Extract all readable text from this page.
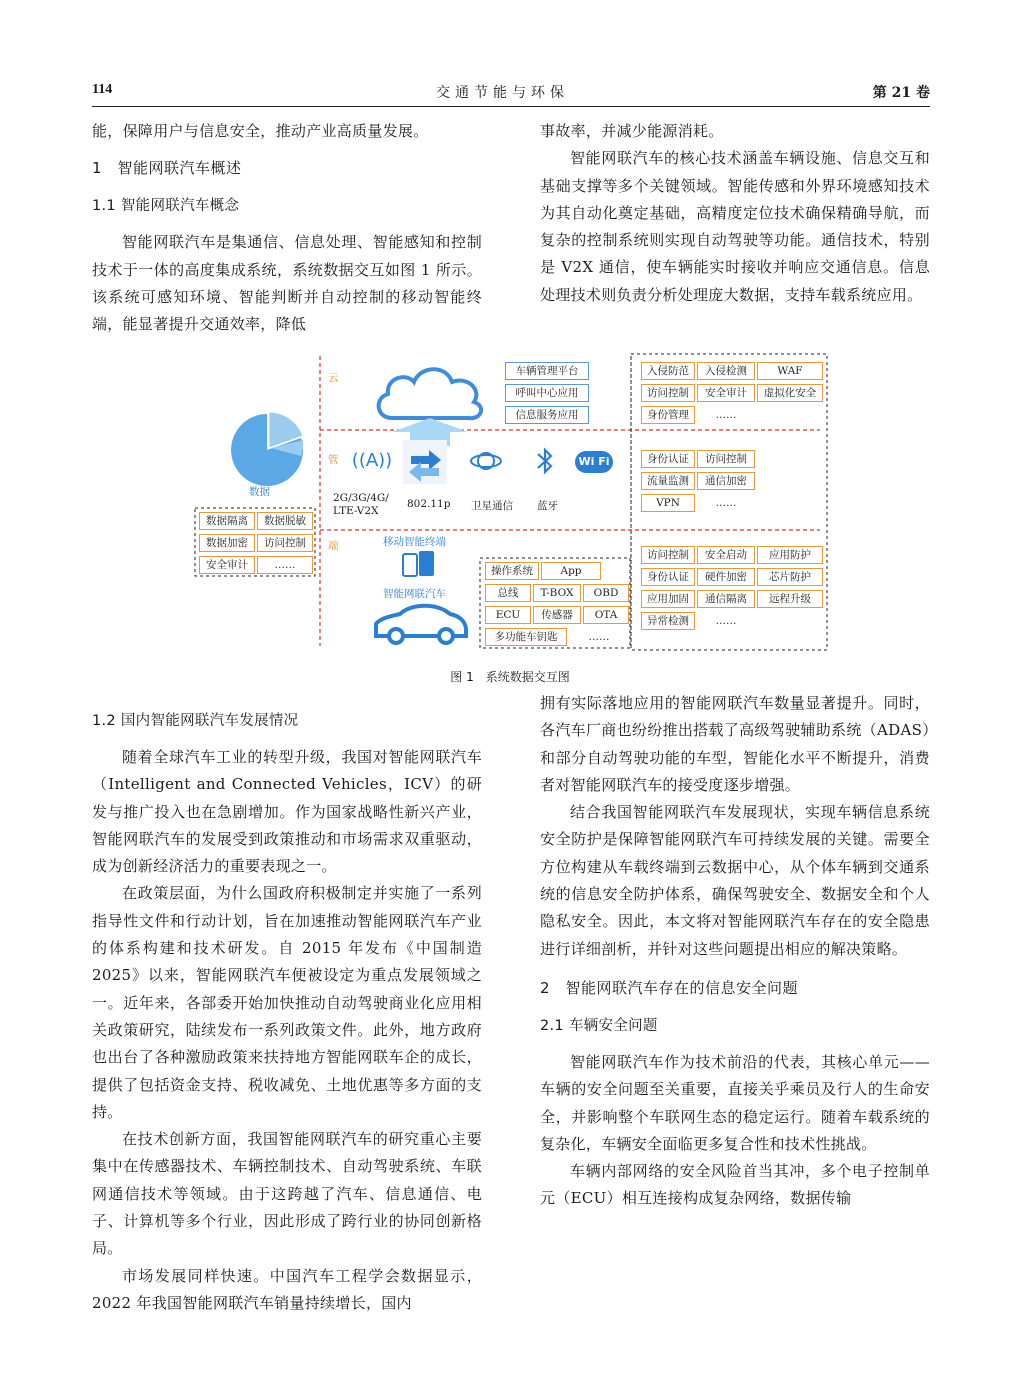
114	交通节能与环保	第 21 卷

能，保障用户与信息安全，推动产业高质量发展。

1　智能网联汽车概述
1.1 智能网联汽车概念

智能网联汽车是集通信、信息处理、智能感知和控制技术于一体的高度集成系统，系统数据交互如图 1 所示。该系统可感知环境、智能判断并自动控制的移动智能终端，能显著提升交通效率，降低

事故率，并减少能源消耗。

智能网联汽车的核心技术涵盖车辆设施、信息交互和基础支撑等多个关键领域。智能传感和外界环境感知技术为其自动化奠定基础，高精度定位技术确保精确导航，而复杂的控制系统则实现自动驾驶等功能。通信技术，特别是 V2X 通信，使车辆能实时接收并响应交通信息。信息处理技术则负责分析处理庞大数据，支持车载系统应用。

数据
云
管
端
车辆管理平台
呼叫中心应用
信息服务应用
((A))	Wi Fi
2G/3G/4G/
LTE-V2X
802.11p 卫星通信 蓝牙
移动智能终端
智能网联汽车
操作系统	App
总线	T-BOX	OBD
ECU	传感器	OTA
多功能车钥匙	……
数据隔离	数据脱敏
数据加密	访问控制
安全审计	……
入侵防范	入侵检测	WAF
访问控制	安全审计	虚拟化安全
身份管理	……
身份认证	访问控制
流量监测	通信加密
VPN	……
访问控制	安全启动	应用防护
身份认证	硬件加密	芯片防护
应用加固	通信隔离	远程升级
异常检测	……
图 1 系统数据交互图
1.2 国内智能网联汽车发展情况

随着全球汽车工业的转型升级，我国对智能网联汽车（Intelligent and Connected Vehicles，ICV）的研发与推广投入也在急剧增加。作为国家战略性新兴产业，智能网联汽车的发展受到政策推动和市场需求双重驱动，成为创新经济活力的重要表现之一。

在政策层面，为什么国政府积极制定并实施了一系列指导性文件和行动计划，旨在加速推动智能网联汽车产业的体系构建和技术研发。自 2015 年发布《中国制造 2025》以来，智能网联汽车便被设定为重点发展领域之一。近年来，各部委开始加快推动自动驾驶商业化应用相关政策研究，陆续发布一系列政策文件。此外，地方政府也出台了各种激励政策来扶持地方智能网联车企的成长，提供了包括资金支持、税收减免、土地优惠等多方面的支持。

在技术创新方面，我国智能网联汽车的研究重心主要集中在传感器技术、车辆控制技术、自动驾驶系统、车联网通信技术等领域。由于这跨越了汽车、信息通信、电子、计算机等多个行业，因此形成了跨行业的协同创新格局。

市场发展同样快速。中国汽车工程学会数据显示，2022 年我国智能网联汽车销量持续增长，国内

拥有实际落地应用的智能网联汽车数量显著提升。同时，各汽车厂商也纷纷推出搭载了高级驾驶辅助系统（ADAS）和部分自动驾驶功能的车型，智能化水平不断提升，消费者对智能网联汽车的接受度逐步增强。

结合我国智能网联汽车发展现状，实现车辆信息系统安全防护是保障智能网联汽车可持续发展的关键。需要全方位构建从车载终端到云数据中心，从个体车辆到交通系统的信息安全防护体系，确保驾驶安全、数据安全和个人隐私安全。因此，本文将对智能网联汽车存在的安全隐患进行详细剖析，并针对这些问题提出相应的解决策略。

2　智能网联汽车存在的信息安全问题
2.1 车辆安全问题

智能网联汽车作为技术前沿的代表，其核心单元——车辆的安全问题至关重要，直接关乎乘员及行人的生命安全，并影响整个车联网生态的稳定运行。随着车载系统的复杂化，车辆安全面临更多复合性和技术性挑战。

车辆内部网络的安全风险首当其冲，多个电子控制单元（ECU）相互连接构成复杂网络，数据传输
